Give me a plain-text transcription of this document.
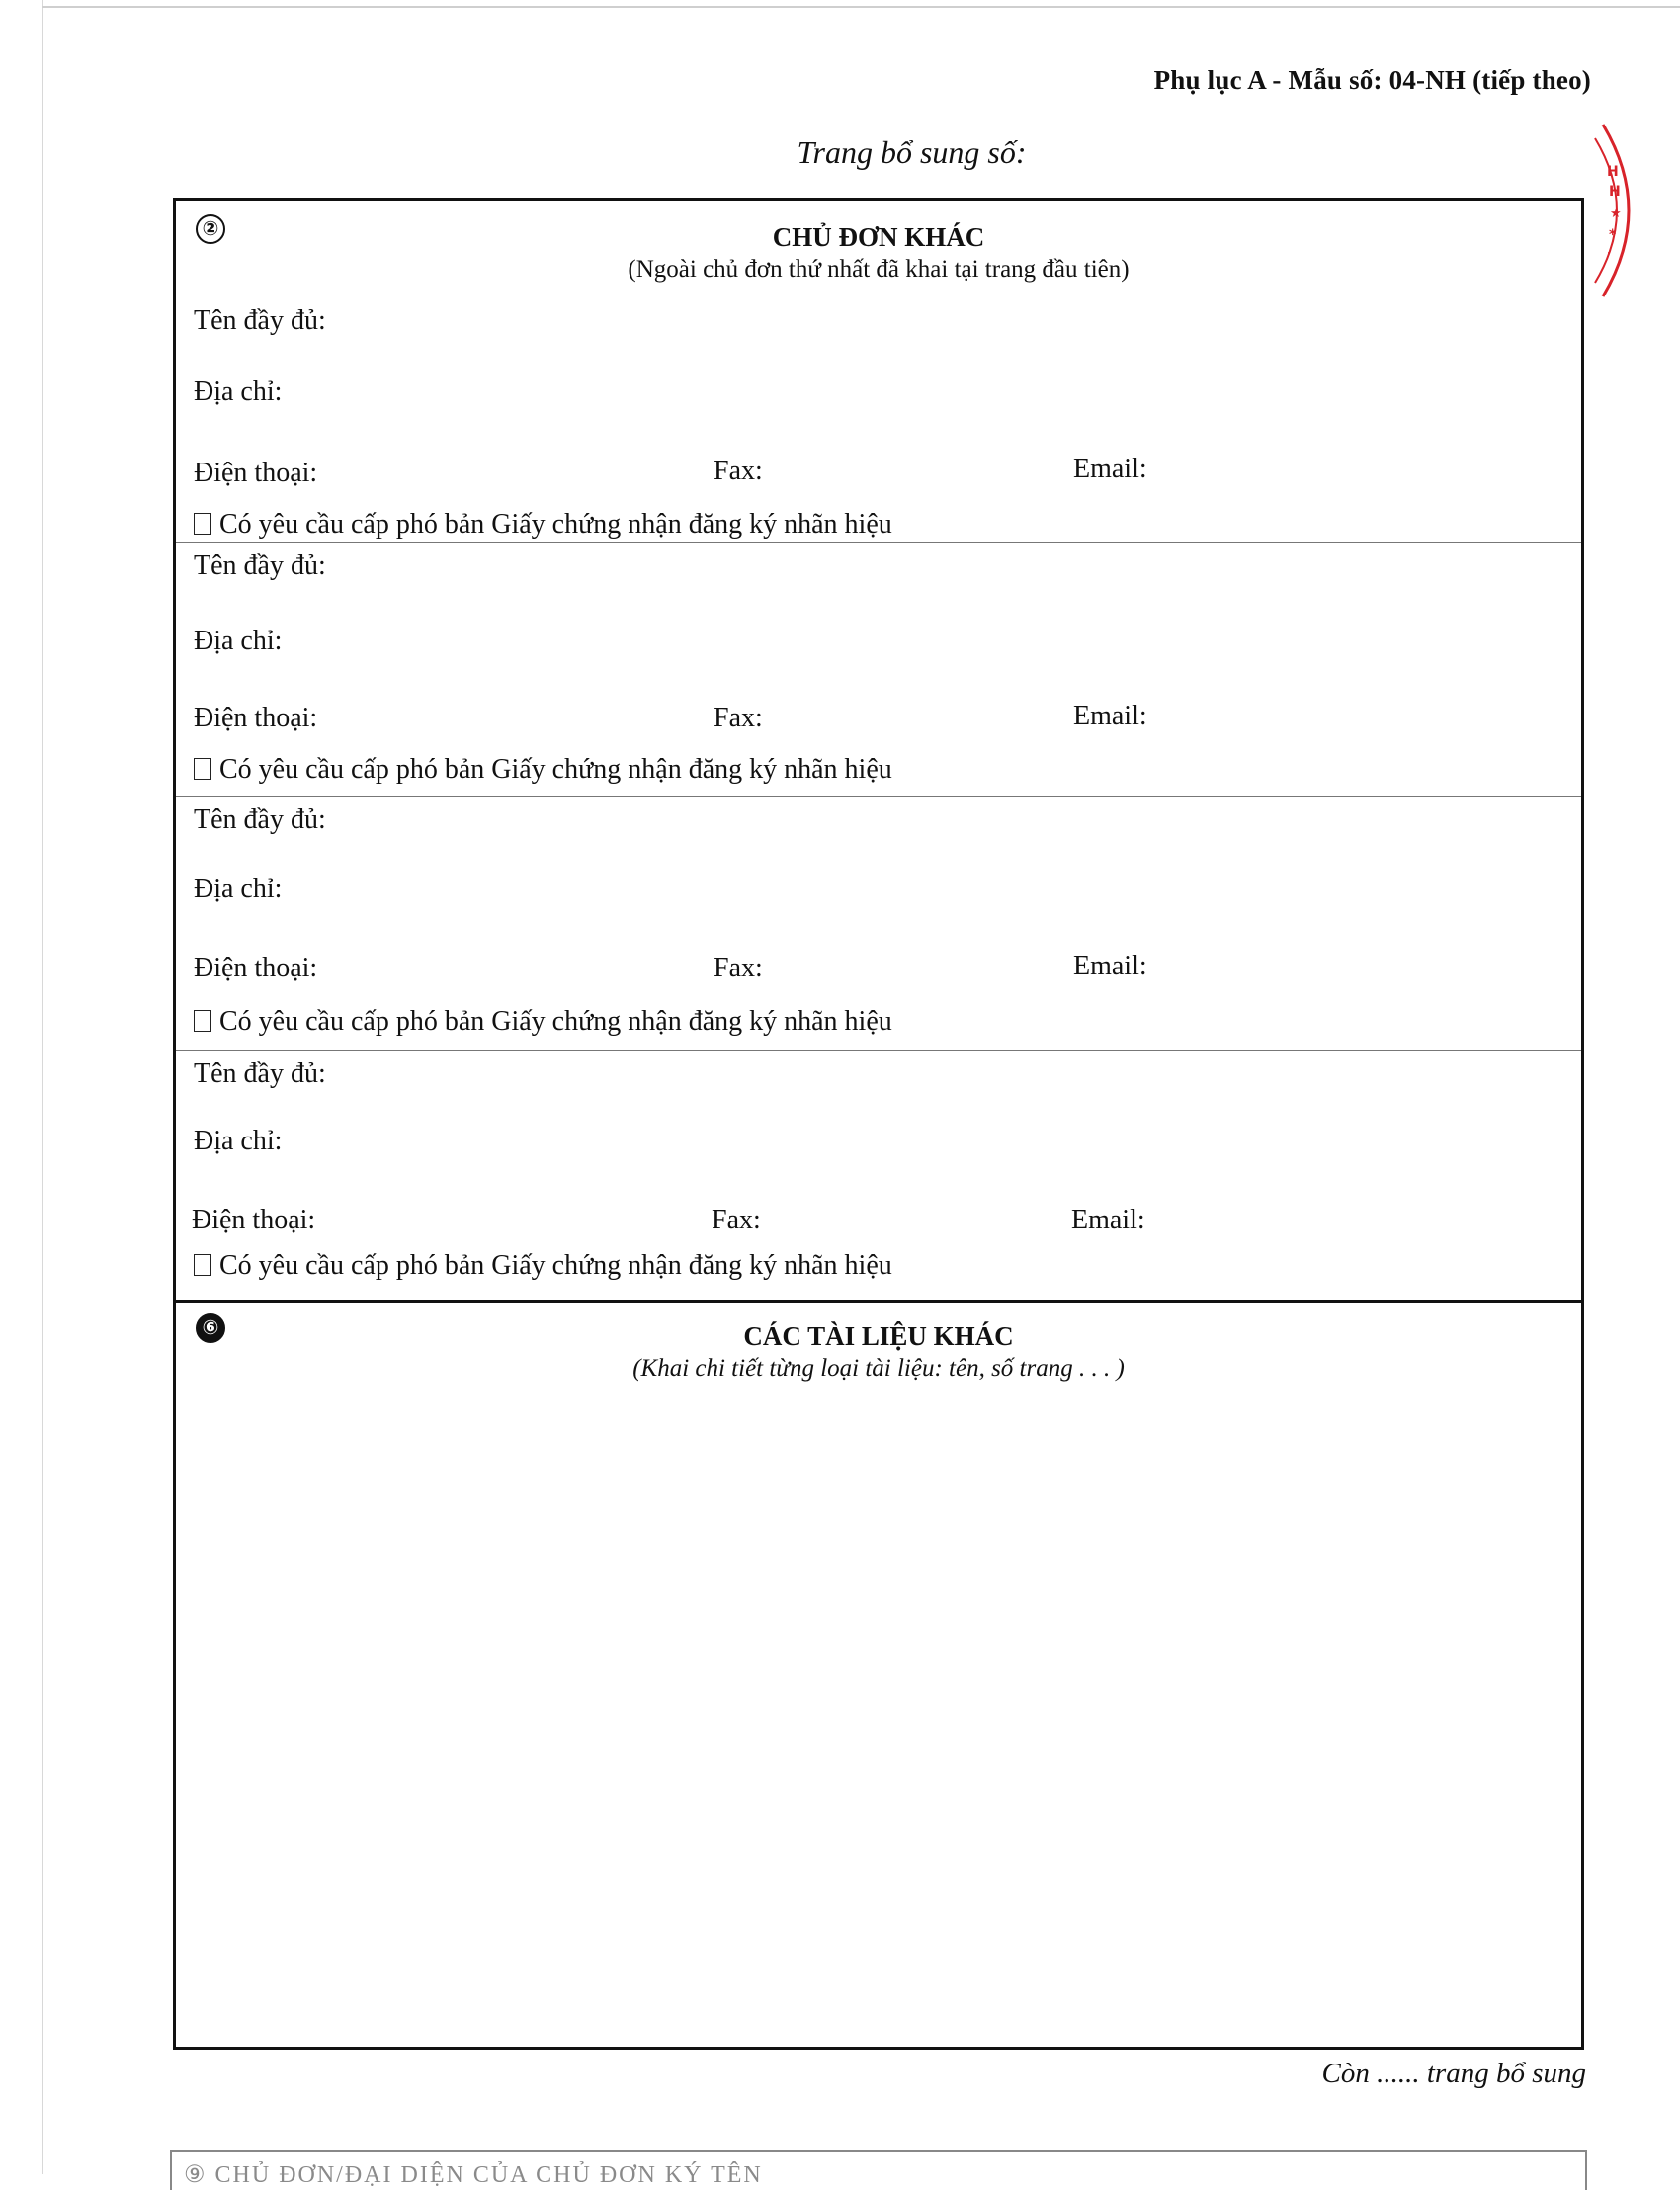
Phụ lục A - Mẫu số: 04-NH (tiếp theo)
Trang bổ sung số:
H
H
★
*
'
②	CHỦ ĐƠN KHÁC
(Ngoài chủ đơn thứ nhất đã khai tại trang đầu tiên)
Tên đầy đủ:
Địa chỉ:
Điện thoại:	Fax:	Email:
Có yêu cầu cấp phó bản Giấy chứng nhận đăng ký nhãn hiệu
Tên đầy đủ:
Địa chỉ:
Điện thoại:	Fax:	Email:
Có yêu cầu cấp phó bản Giấy chứng nhận đăng ký nhãn hiệu
Tên đầy đủ:
Địa chỉ:
Điện thoại:	Fax:	Email:
Có yêu cầu cấp phó bản Giấy chứng nhận đăng ký nhãn hiệu
Tên đầy đủ:
Địa chỉ:
Điện thoại:	Fax:	Email:
Có yêu cầu cấp phó bản Giấy chứng nhận đăng ký nhãn hiệu
⑥	CÁC TÀI LIỆU KHÁC
(Khai chi tiết từng loại tài liệu: tên, số trang . . . )
Còn ...... trang bổ sung
⑨ CHỦ ĐƠN/ĐẠI DIỆN CỦA CHỦ ĐƠN KÝ TÊN
